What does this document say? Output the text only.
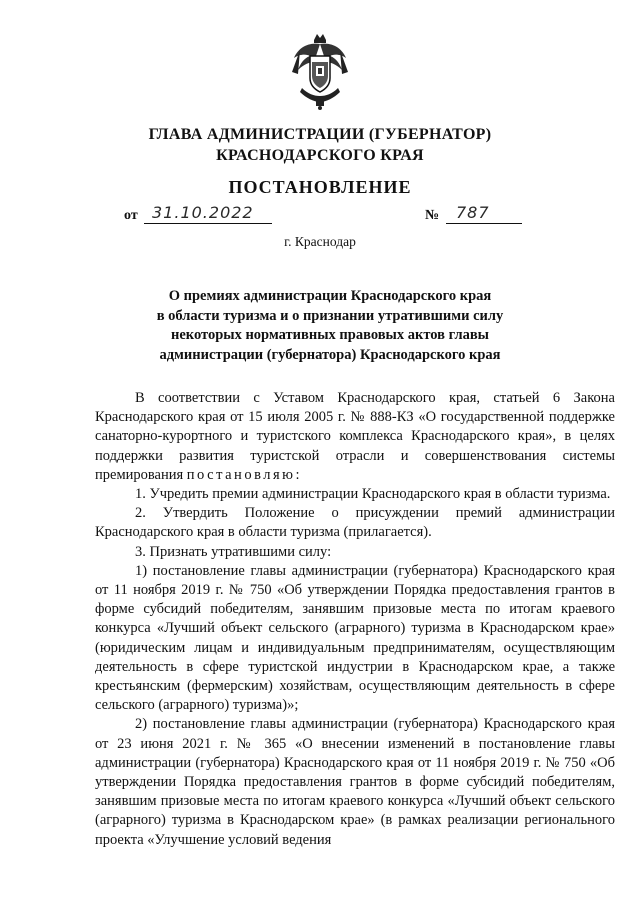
ГЛАВА АДМИНИСТРАЦИИ (ГУБЕРНАТОР)
КРАСНОДАРСКОГО КРАЯ
ПОСТАНОВЛЕНИЕ
от 31.10.2022	№ 787
г. Краснодар
О премиях администрации Краснодарского края
в области туризма и о признании утратившими силу
некоторых нормативных правовых актов главы
администрации (губернатора) Краснодарского края

В соответствии с Уставом Краснодарского края, статьей 6 Закона Краснодарского края от 15 июля 2005 г. № 888-КЗ «О государственной поддержке санаторно-курортного и туристского комплекса Краснодарского края», в целях поддержки развития туристской отрасли и совершенствования системы премирования постановляю:

1. Учредить премии администрации Краснодарского края в области туризма.

2. Утвердить Положение о присуждении премий администрации Краснодарского края в области туризма (прилагается).

3. Признать утратившими силу:

1) постановление главы администрации (губернатора) Краснодарского края от 11 ноября 2019 г. № 750 «Об утверждении Порядка предоставления грантов в форме субсидий победителям, занявшим призовые места по итогам краевого конкурса «Лучший объект сельского (аграрного) туризма в Краснодарском крае» (юридическим лицам и индивидуальным предпринимателям, осуществляющим деятельность в сфере туристской индустрии в Краснодарском крае, а также крестьянским (фермерским) хозяйствам, осуществляющим деятельность в сфере сельского (аграрного) туризма)»;

2) постановление главы администрации (губернатора) Краснодарского края от 23 июня 2021 г. № 365 «О внесении изменений в постановление главы администрации (губернатора) Краснодарского края от 11 ноября 2019 г. № 750 «Об утверждении Порядка предоставления грантов в форме субсидий победителям, занявшим призовые места по итогам краевого конкурса «Лучший объект сельского (аграрного) туризма в Краснодарском крае» (в рамках реализации регионального проекта «Улучшение условий ведения
